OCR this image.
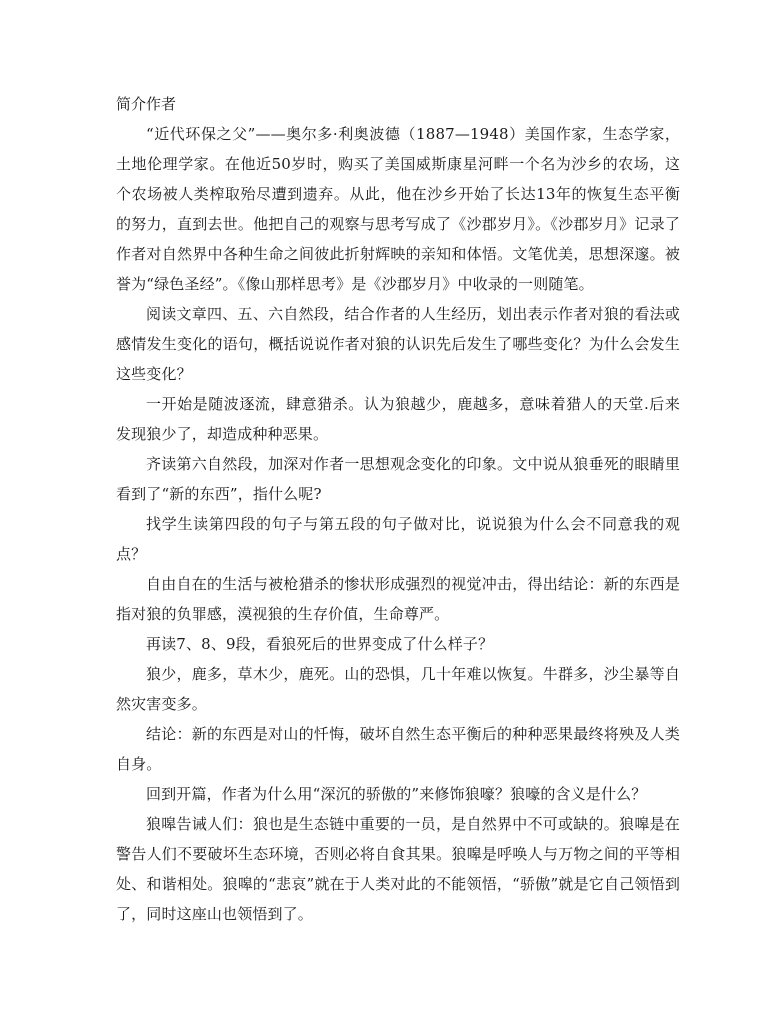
简介作者

“近代环保之父”——奥尔多·利奥波德（1887—1948）美国作家，生态学家，土地伦理学家。在他近50岁时，购买了美国威斯康星河畔一个名为沙乡的农场，这个农场被人类榨取殆尽遭到遗弃。从此，他在沙乡开始了长达13年的恢复生态平衡的努力，直到去世。他把自己的观察与思考写成了《沙郡岁月》。《沙郡岁月》记录了作者对自然界中各种生命之间彼此折射辉映的亲知和体悟。文笔优美，思想深邃。被誉为“绿色圣经”。《像山那样思考》是《沙郡岁月》中收录的一则随笔。

阅读文章四、五、六自然段，结合作者的人生经历，划出表示作者对狼的看法或感情发生变化的语句，概括说说作者对狼的认识先后发生了哪些变化？为什么会发生这些变化？

一开始是随波逐流，肆意猎杀。认为狼越少，鹿越多，意味着猎人的天堂.后来发现狼少了，却造成种种恶果。

齐读第六自然段，加深对作者一思想观念变化的印象。文中说从狼垂死的眼睛里看到了“新的东西”，指什么呢?

找学生读第四段的句子与第五段的句子做对比，说说狼为什么会不同意我的观点？

自由自在的生活与被枪猎杀的惨状形成强烈的视觉冲击，得出结论：新的东西是指对狼的负罪感，漠视狼的生存价值，生命尊严。

再读7、8、9段，看狼死后的世界变成了什么样子？

狼少，鹿多，草木少，鹿死。山的恐惧，几十年难以恢复。牛群多，沙尘暴等自然灾害变多。

结论：新的东西是对山的忏悔，破坏自然生态平衡后的种种恶果最终将殃及人类自身。

回到开篇，作者为什么用“深沉的骄傲的”来修饰狼嚎？狼嚎的含义是什么？

狼嗥告诫人们：狼也是生态链中重要的一员，是自然界中不可或缺的。狼嗥是在警告人们不要破坏生态环境，否则必将自食其果。狼嗥是呼唤人与万物之间的平等相处、和谐相处。狼嗥的“悲哀”就在于人类对此的不能领悟，“骄傲”就是它自己领悟到了，同时这座山也领悟到了。
